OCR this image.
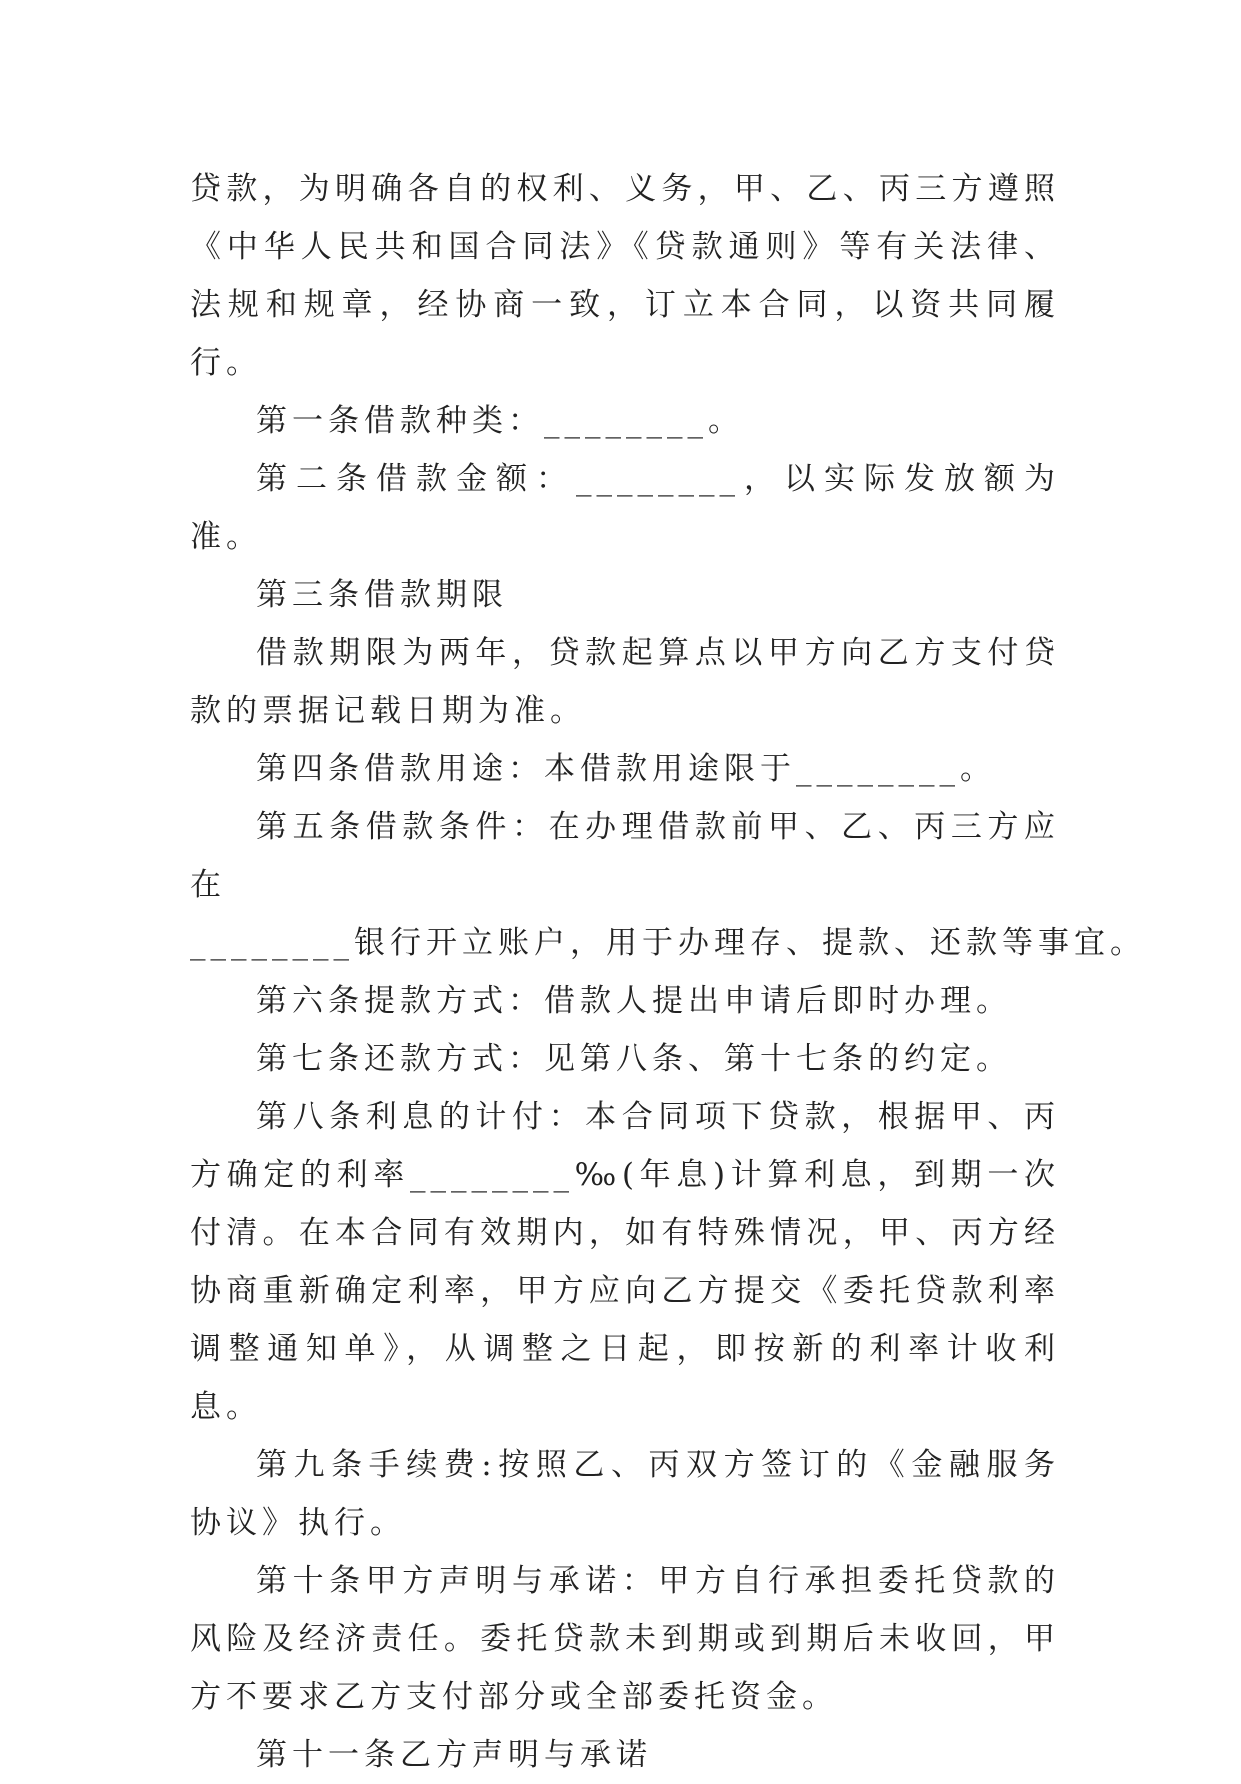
贷款，为明确各自的权利、义务，甲、乙、丙三方遵照《中华人民共和国合同法》《贷款通则》等有关法律、法规和规章，经协商一致，订立本合同，以资共同履行。

第一条借款种类：________。

第二条借款金额：________，以实际发放额为准。

第三条借款期限

借款期限为两年，贷款起算点以甲方向乙方支付贷款的票据记载日期为准。

第四条借款用途：本借款用途限于________。

第五条借款条件：在办理借款前甲、乙、丙三方应在

________银行开立账户，用于办理存、提款、还款等事宜。

第六条提款方式：借款人提出申请后即时办理。

第七条还款方式：见第八条、第十七条的约定。

第八条利息的计付：本合同项下贷款，根据甲、丙方确定的利率________‰(年息)计算利息，到期一次付清。在本合同有效期内，如有特殊情况，甲、丙方经协商重新确定利率，甲方应向乙方提交《委托贷款利率调整通知单》，从调整之日起，即按新的利率计收利息。

第九条手续费:按照乙、丙双方签订的《金融服务协议》执行。

第十条甲方声明与承诺：甲方自行承担委托贷款的风险及经济责任。委托贷款未到期或到期后未收回，甲方不要求乙方支付部分或全部委托资金。

第十一条乙方声明与承诺
